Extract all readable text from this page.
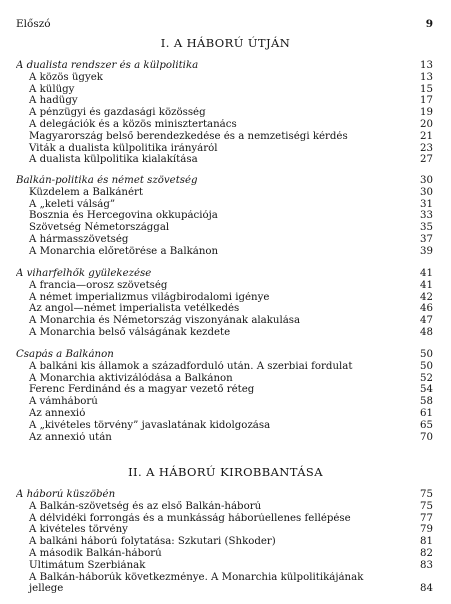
Előszó	9
I. A HÁBORÚ ÚTJÁN
A dualista rendszer és a külpolitika	13
A közös ügyek	13
A külügy	15
A hadügy	17
A pénzügyi és gazdasági közösség	19
A delegációk és a közös minisztertanács	20
Magyarország belső berendezkedése és a nemzetiségi kérdés	21
Viták a dualista külpolitika irányáról	23
A dualista külpolitika kialakítása	27
Balkán-politika és német szövetség	30
Küzdelem a Balkánért	30
A „keleti válság”	31
Bosznia és Hercegovina okkupációja	33
Szövetség Németországgal	35
A hármasszövetség	37
A Monarchia előretörése a Balkánon	39
A viharfelhők gyülekezése	41
A francia—orosz szövetség	41
A német imperializmus világbirodalomi igénye	42
Az angol—német imperialista vetélkedés	46
A Monarchia és Németország viszonyának alakulása	47
A Monarchia belső válságának kezdete	48
Csapás a Balkánon	50
A balkáni kis államok a századforduló után. A szerbiai fordulat	50
A Monarchia aktivizálódása a Balkánon	52
Ferenc Ferdinánd és a magyar vezető réteg	54
A vámháború	58
Az annexió	61
A „kivételes törvény” javaslatának kidolgozása	65
Az annexió után	70
II. A HÁBORÚ KIROBBANTÁSA
A háború küszöbén	75
A Balkán-szövetség és az első Balkán-háború	75
A délvidéki forrongás és a munkásság háborúellenes fellépése	77
A kivételes törvény	79
A balkáni háború folytatása: Szkutari (Shkoder)	81
A második Balkán-háború	82
Ultimátum Szerbiának	83
A Balkán-háborúk következménye. A Monarchia külpolitikájának jellege	84
